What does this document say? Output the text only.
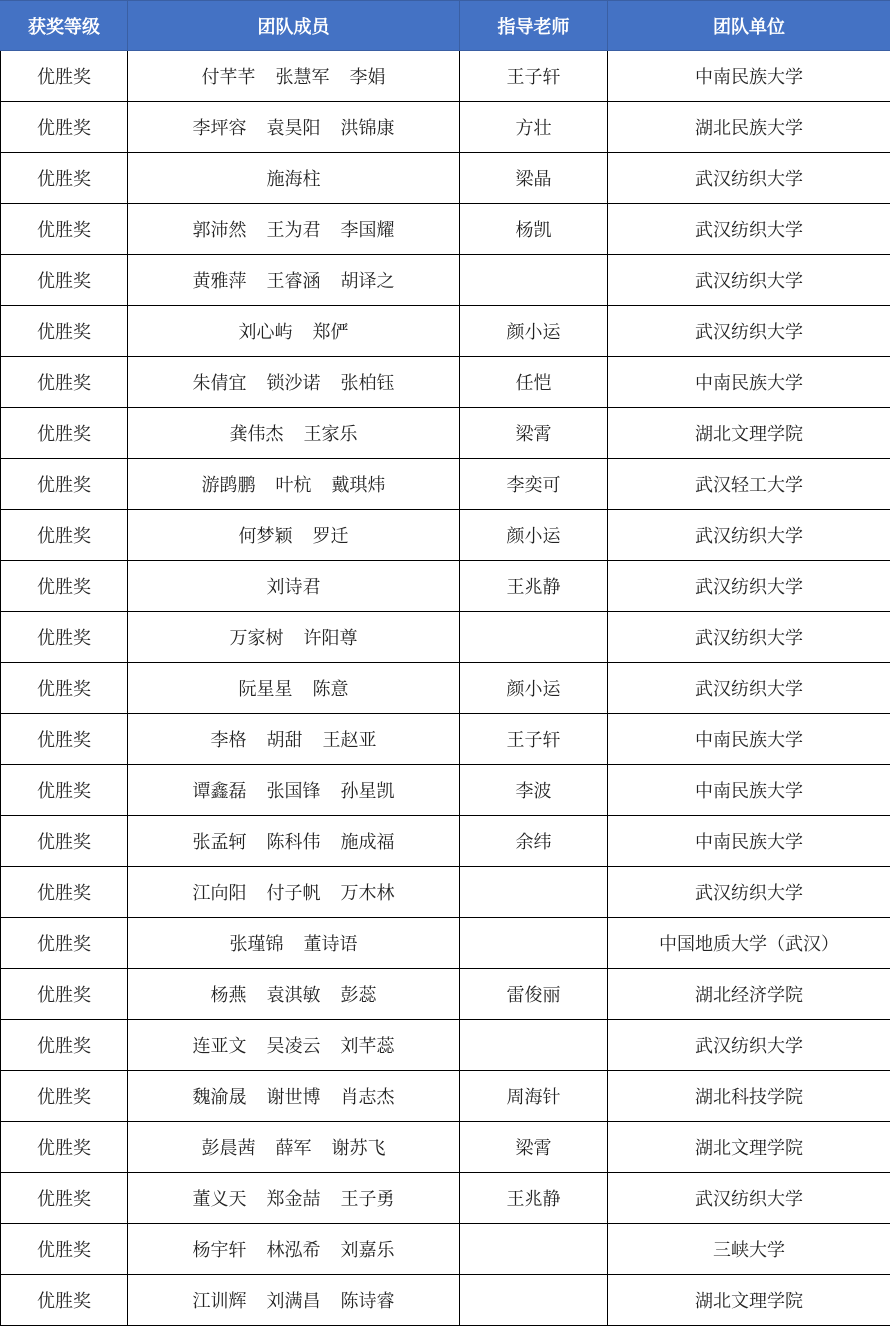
获奖等级	团队成员	指导老师	团队单位
优胜奖	付芊芊 张慧军 李娟	王子轩	中南民族大学
优胜奖	李坪容 袁昊阳 洪锦康	方壮	湖北民族大学
优胜奖	施海柱	梁晶	武汉纺织大学
优胜奖	郭沛然 王为君 李国耀	杨凯	武汉纺织大学
优胜奖	黄雅萍 王睿涵 胡译之		武汉纺织大学
优胜奖	刘心屿 郑俨	颜小运	武汉纺织大学
优胜奖	朱倩宜 锁沙诺 张柏钰	任恺	中南民族大学
优胜奖	龚伟杰 王家乐	梁霄	湖北文理学院
优胜奖	游鹍鹏 叶杭 戴琪炜	李奕可	武汉轻工大学
优胜奖	何梦颖 罗迁	颜小运	武汉纺织大学
优胜奖	刘诗君	王兆静	武汉纺织大学
优胜奖	万家树 许阳尊		武汉纺织大学
优胜奖	阮星星 陈意	颜小运	武汉纺织大学
优胜奖	李格 胡甜 王赵亚	王子轩	中南民族大学
优胜奖	谭鑫磊 张国锋 孙星凯	李波	中南民族大学
优胜奖	张孟轲 陈科伟 施成福	余纬	中南民族大学
优胜奖	江向阳 付子帆 万木林		武汉纺织大学
优胜奖	张瑾锦 董诗语		中国地质大学（武汉）
优胜奖	杨燕 袁淇敏 彭蕊	雷俊丽	湖北经济学院
优胜奖	连亚文 吴凌云 刘芊蕊		武汉纺织大学
优胜奖	魏渝晟 谢世博 肖志杰	周海针	湖北科技学院
优胜奖	彭晨茜 薛军 谢苏飞	梁霄	湖北文理学院
优胜奖	董义天 郑金喆 王子勇	王兆静	武汉纺织大学
优胜奖	杨宇轩 林泓希 刘嘉乐		三峡大学
优胜奖	江训辉 刘满昌 陈诗睿		湖北文理学院
